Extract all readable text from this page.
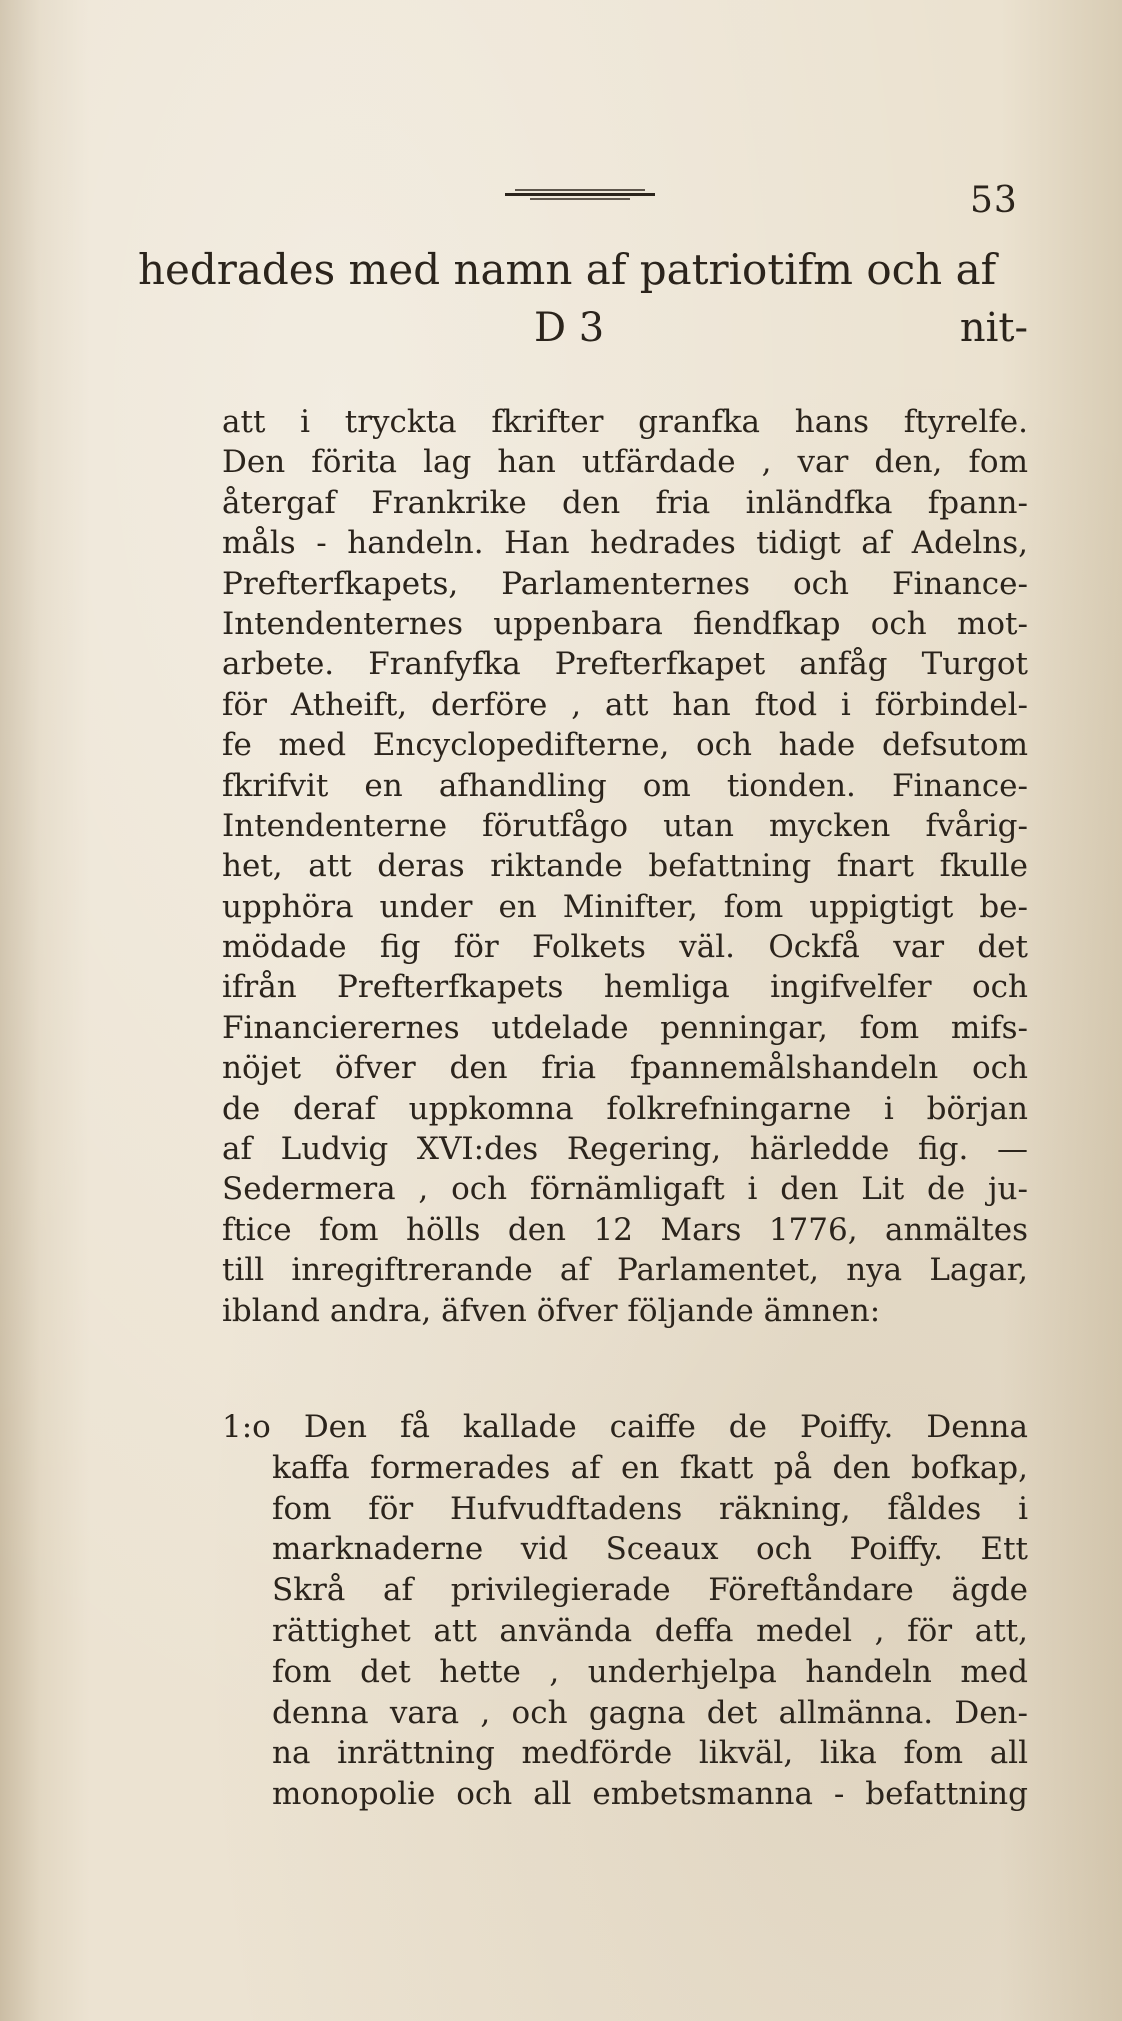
53
hedrades med namn af patriotifm och af
D 3	nit-
att i tryckta fkrifter granfka hans ftyrelfe.
Den förita lag han utfärdade , var den, fom
återgaf Frankrike den fria inländfka fpann-
måls - handeln. Han hedrades tidigt af Adelns,
Prefterfkapets, Parlamenternes och Finance-
Intendenternes uppenbara fiendfkap och mot-
arbete. Franfyfka Prefterfkapet anfåg Turgot
för Atheift, derföre , att han ftod i förbindel-
fe med Encyclopedifterne, och hade defsutom
fkrifvit en afhandling om tionden. Finance-
Intendenterne förutfågo utan mycken fvårig-
het, att deras riktande befattning fnart fkulle
upphöra under en Minifter, fom uppigtigt be-
mödade fig för Folkets väl. Ockfå var det
ifrån Prefterfkapets hemliga ingifvelfer och
Financierernes utdelade penningar, fom mifs-
nöjet öfver den fria fpannemålshandeln och
de deraf uppkomna folkrefningarne i början
af Ludvig XVI:des Regering, härledde fig. —
Sedermera , och förnämligaft i den Lit de ju-
ftice fom hölls den 12 Mars 1776, anmältes
till inregiftrerande af Parlamentet, nya Lagar,
ibland andra, äfven öfver följande ämnen:
1:o Den få kallade caiffe de Poiffy. Denna
kaffa formerades af en fkatt på den bofkap,
fom för Hufvudftadens räkning, fåldes i
marknaderne vid Sceaux och Poiffy. Ett
Skrå af privilegierade Föreftåndare ägde
rättighet att använda deffa medel , för att,
fom det hette , underhjelpa handeln med
denna vara , och gagna det allmänna. Den-
na inrättning medförde likväl, lika fom all
monopolie och all embetsmanna - befattning
